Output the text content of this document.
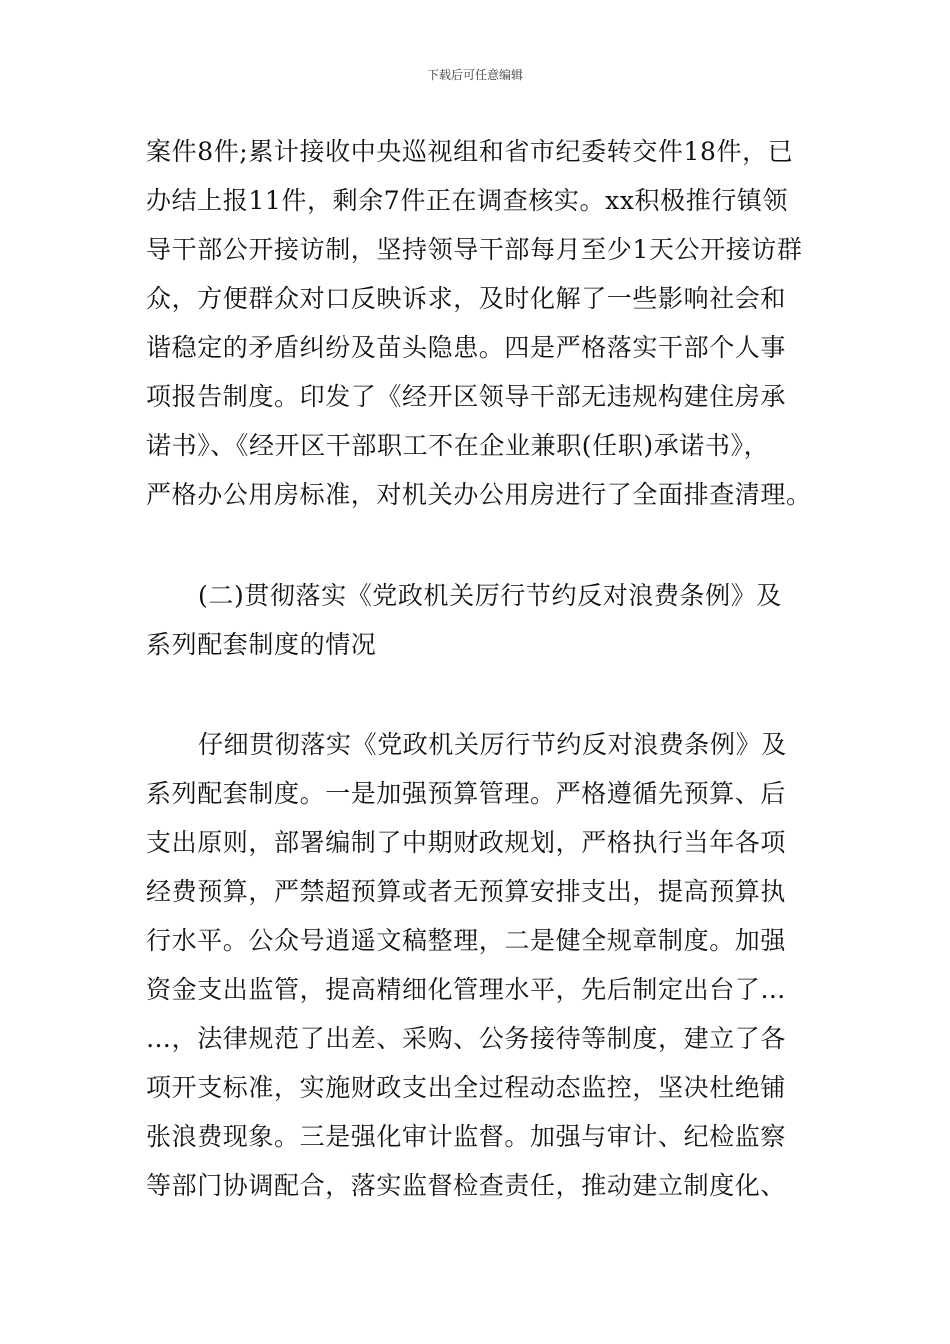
下载后可任意编辑
案件8件;累计接收中央巡视组和省市纪委转交件18件，已
办结上报11件，剩余7件正在调查核实。xx积极推行镇领
导干部公开接访制，坚持领导干部每月至少1天公开接访群
众，方便群众对口反映诉求，及时化解了一些影响社会和
谐稳定的矛盾纠纷及苗头隐患。四是严格落实干部个人事
项报告制度。印发了《经开区领导干部无违规构建住房承
诺书》、《经开区干部职工不在企业兼职(任职)承诺书》，
严格办公用房标准，对机关办公用房进行了全面排查清理。
(二)贯彻落实《党政机关厉行节约反对浪费条例》及
系列配套制度的情况
仔细贯彻落实《党政机关厉行节约反对浪费条例》及
系列配套制度。一是加强预算管理。严格遵循先预算、后
支出原则，部署编制了中期财政规划，严格执行当年各项
经费预算，严禁超预算或者无预算安排支出，提高预算执
行水平。公众号逍遥文稿整理，二是健全规章制度。加强
资金支出监管，提高精细化管理水平，先后制定出台了…
…，法律规范了出差、采购、公务接待等制度，建立了各
项开支标准，实施财政支出全过程动态监控，坚决杜绝铺
张浪费现象。三是强化审计监督。加强与审计、纪检监察
等部门协调配合，落实监督检查责任，推动建立制度化、
